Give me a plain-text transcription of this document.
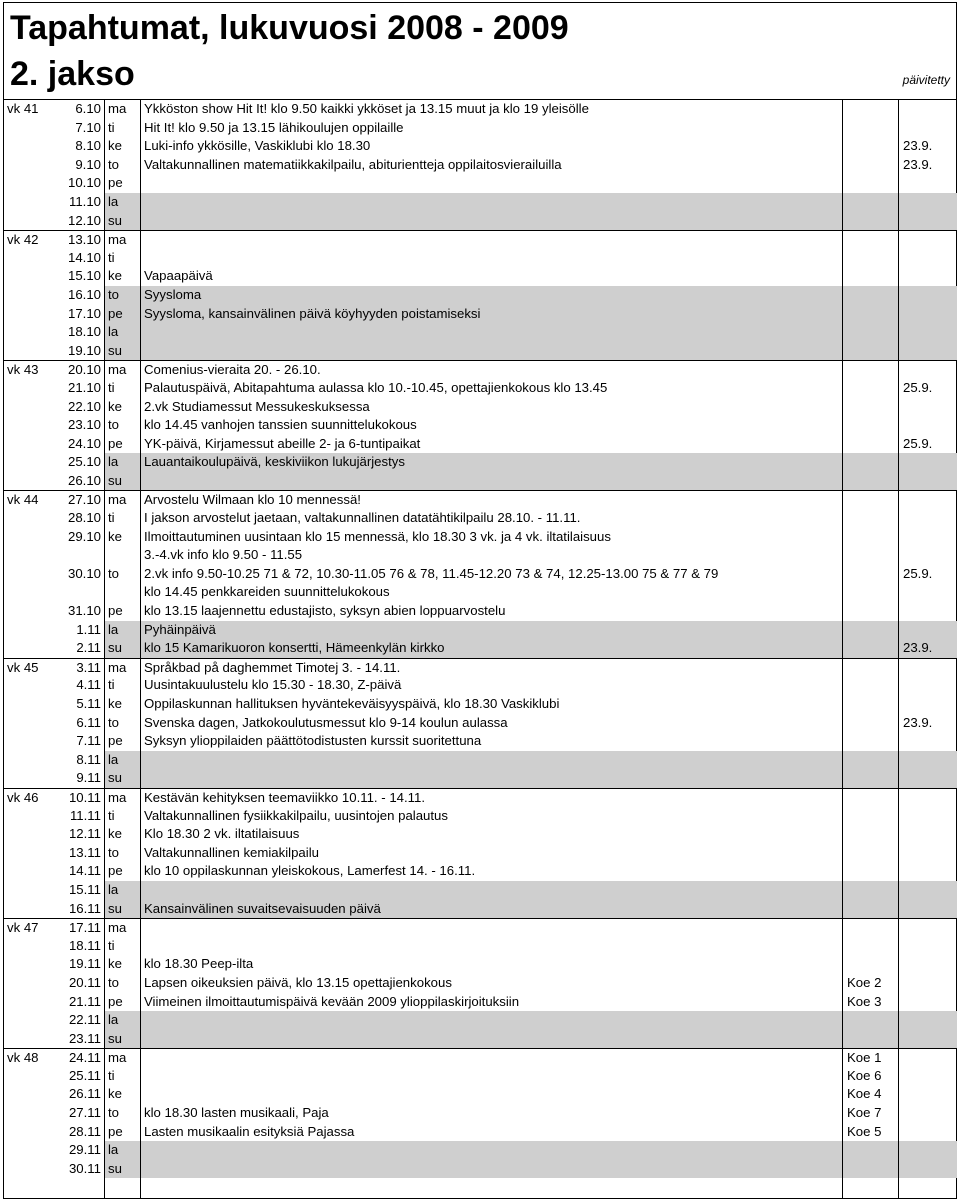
Tapahtumat, lukuvuosi 2008 - 2009
2. jakso	päivitetty
vk 41	6.10 ma	Ykköston show Hit It! klo 9.50 kaikki ykköset ja 13.15 muut ja klo 19 yleisölle
7.10 ti	Hit It! klo 9.50 ja 13.15 lähikoulujen oppilaille
8.10 ke	Luki-info ykkösille, Vaskiklubi klo 18.30	23.9.
9.10 to	Valtakunnallinen matematiikkakilpailu, abiturientteja oppilaitosvierailuilla	23.9.
10.10 pe
11.10 la
12.10 su
vk 42	13.10 ma
14.10 ti
15.10 ke	Vapaapäivä
16.10 to	Syysloma
17.10 pe	Syysloma, kansainvälinen päivä köyhyyden poistamiseksi
18.10 la
19.10 su
vk 43	20.10 ma	Comenius-vieraita 20. - 26.10.
21.10 ti	Palautuspäivä, Abitapahtuma aulassa klo 10.-10.45, opettajienkokous klo 13.45	25.9.
22.10 ke	2.vk Studiamessut Messukeskuksessa
23.10 to	klo 14.45 vanhojen tanssien suunnittelukokous
24.10 pe	YK-päivä, Kirjamessut abeille 2- ja 6-tuntipaikat	25.9.
25.10 la	Lauantaikoulupäivä, keskiviikon lukujärjestys
26.10 su
vk 44	27.10 ma	Arvostelu Wilmaan klo 10 mennessä!
28.10 ti	I jakson arvostelut jaetaan, valtakunnallinen datatähtikilpailu 28.10. - 11.11.
29.10 ke	Ilmoittautuminen uusintaan klo 15 mennessä, klo 18.30 3 vk. ja 4 vk. iltatilaisuus
3.-4.vk info klo 9.50 - 11.55
30.10 to	2.vk info 9.50-10.25 71 & 72, 10.30-11.05 76 & 78, 11.45-12.20 73 & 74, 12.25-13.00 75 & 77 & 79	25.9.
klo 14.45 penkkareiden suunnittelukokous
31.10 pe	klo 13.15 laajennettu edustajisto, syksyn abien loppuarvostelu
1.11 la	Pyhäinpäivä
2.11 su	klo 15 Kamarikuoron konsertti, Hämeenkylän kirkko	23.9.
vk 45	3.11 ma	Språkbad på daghemmet Timotej 3. - 14.11.
4.11 ti	Uusintakuulustelu klo 15.30 - 18.30, Z-päivä
5.11 ke	Oppilaskunnan hallituksen hyväntekeväisyyspäivä, klo 18.30 Vaskiklubi
6.11 to	Svenska dagen, Jatkokoulutusmessut klo 9-14 koulun aulassa	23.9.
7.11 pe	Syksyn ylioppilaiden päättötodistusten kurssit suoritettuna
8.11 la
9.11 su
vk 46	10.11 ma	Kestävän kehityksen teemaviikko 10.11. - 14.11.
11.11 ti	Valtakunnallinen fysiikkakilpailu, uusintojen palautus
12.11 ke	Klo 18.30 2 vk. iltatilaisuus
13.11 to	Valtakunnallinen kemiakilpailu
14.11 pe	klo 10 oppilaskunnan yleiskokous, Lamerfest 14. - 16.11.
15.11 la
16.11 su	Kansainvälinen suvaitsevaisuuden päivä
vk 47	17.11 ma
18.11 ti
19.11 ke	klo 18.30 Peep-ilta
20.11 to	Lapsen oikeuksien päivä, klo 13.15 opettajienkokous	Koe 2
21.11 pe	Viimeinen ilmoittautumispäivä kevään 2009 ylioppilaskirjoituksiin	Koe 3
22.11 la
23.11 su
vk 48	24.11 ma	Koe 1
25.11 ti	Koe 6
26.11 ke	Koe 4
27.11 to	klo 18.30 lasten musikaali, Paja	Koe 7
28.11 pe	Lasten musikaalin esityksiä Pajassa	Koe 5
29.11 la
30.11 su
